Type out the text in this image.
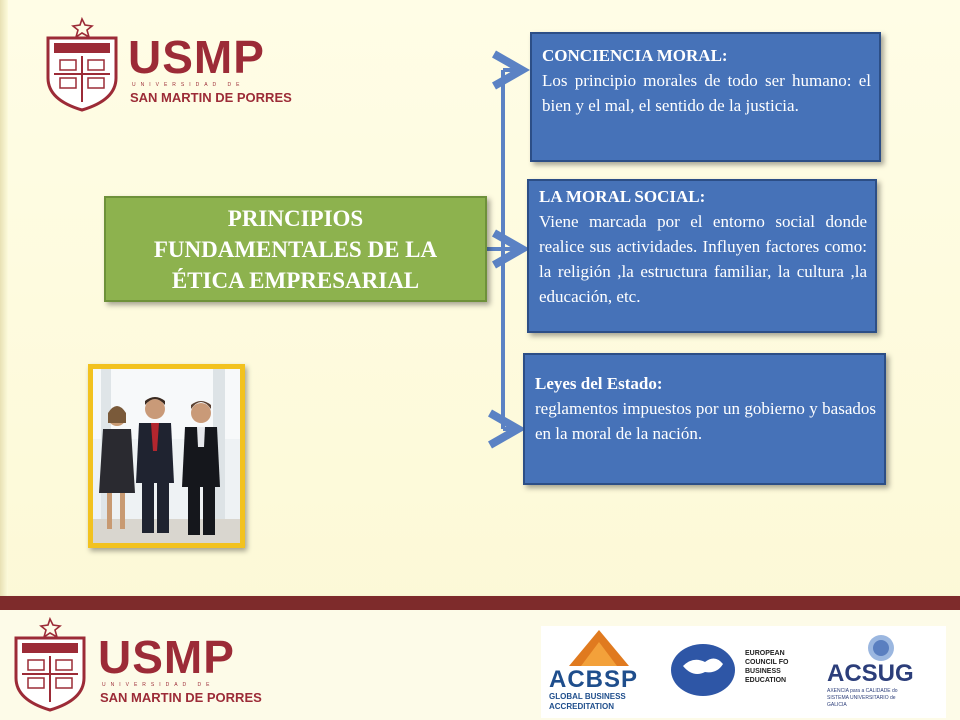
USMP
UNIVERSIDAD DE
SAN MARTIN DE PORRES
PRINCIPIOS FUNDAMENTALES DE LA ÉTICA EMPRESARIAL
CONCIENCIA MORAL:
Los principio morales de todo ser humano: el bien y el mal, el sentido de la justicia.
LA MORAL SOCIAL:
Viene marcada por el entorno social donde realice sus actividades. Influyen factores como: la religión ,la estructura familiar, la cultura ,la educación, etc.
Leyes del Estado:
reglamentos impuestos por un gobierno y basados en la moral de la nación.
USMP
UNIVERSIDAD DE
SAN MARTIN DE PORRES
ACBSP
GLOBAL BUSINESS
ACCREDITATION
EUROPEAN
COUNCIL FO
BUSINESS
EDUCATION ACSUG
AXENCIA para a CALIDADE do
SISTEMA UNIVERSITARIO de
GALICIA
